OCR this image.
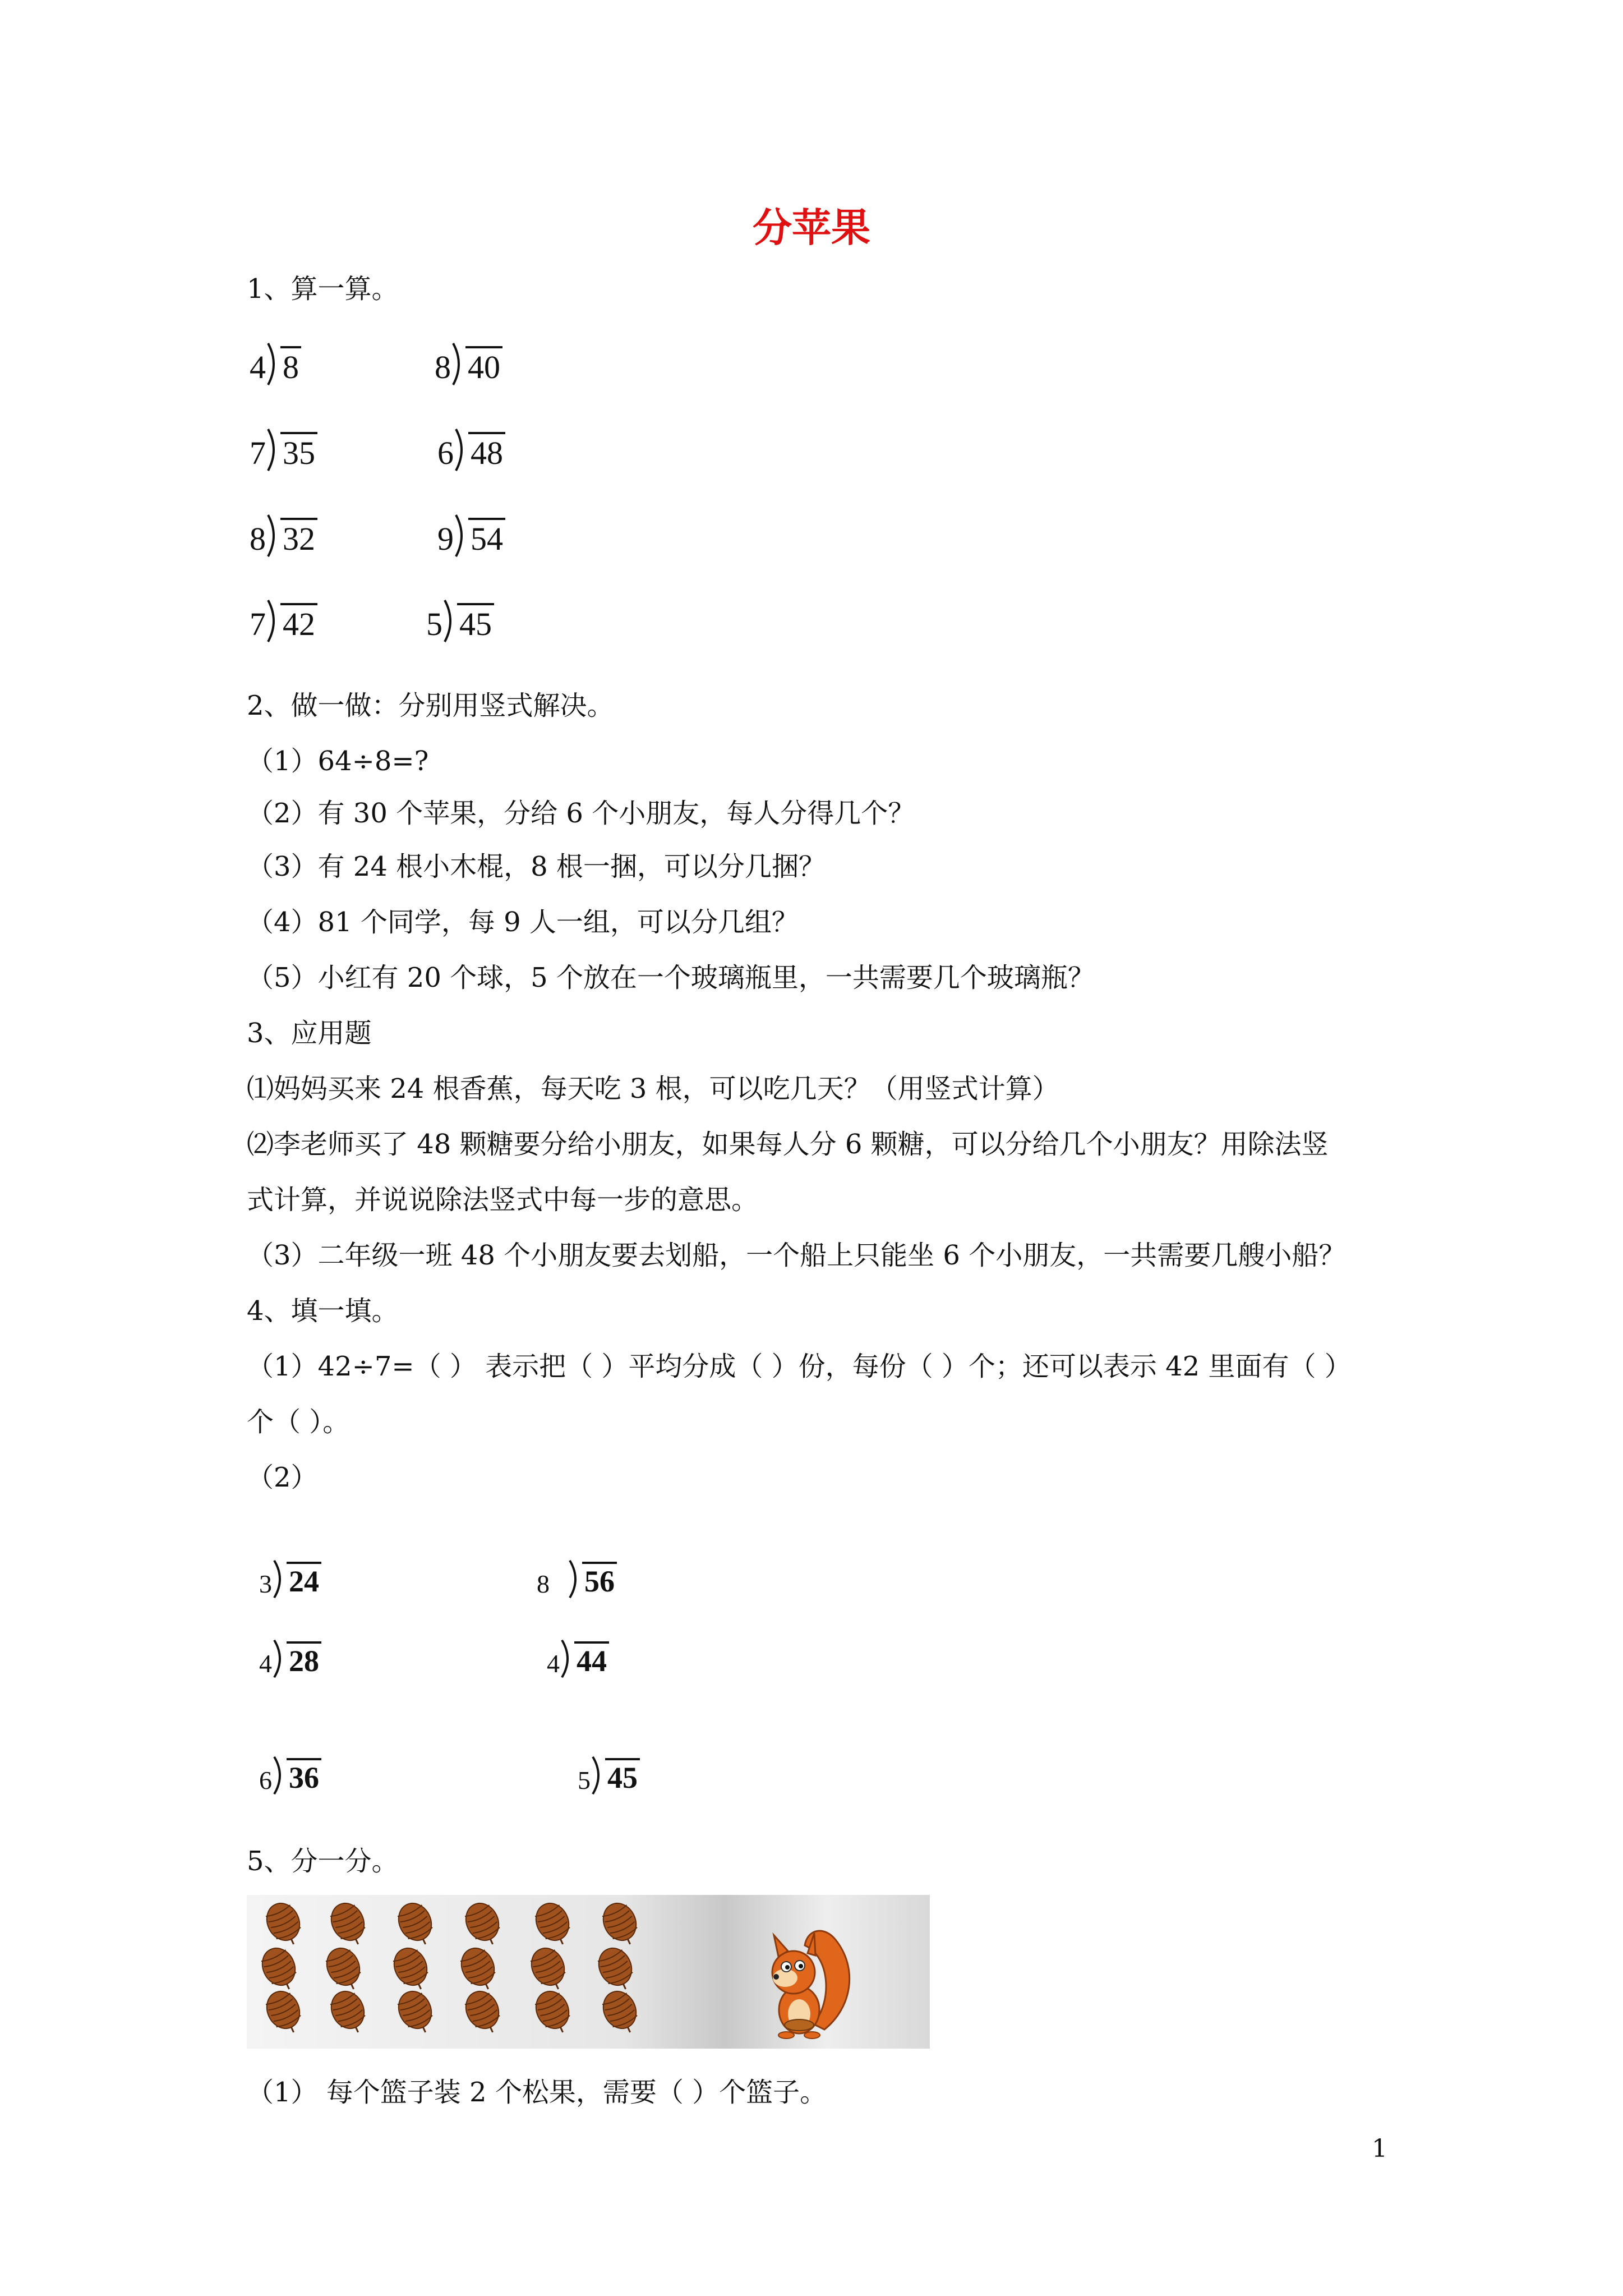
分苹果
1、算一算。
4 8	8 40
7 35	6 48
8 32	9 54
7 42	5 45
2、做一做：分别用竖式解决。
（1）64÷8=?
（2）有 30 个苹果，分给 6 个小朋友，每人分得几个？
（3）有 24 根小木棍，8 根一捆，可以分几捆？
（4）81 个同学，每 9 人一组，可以分几组？
（5）小红有 20 个球，5 个放在一个玻璃瓶里，一共需要几个玻璃瓶？
3、应用题
⑴妈妈买来 24 根香蕉，每天吃 3 根，可以吃几天？（用竖式计算）
⑵李老师买了 48 颗糖要分给小朋友，如果每人分 6 颗糖，可以分给几个小朋友？用除法竖
式计算，并说说除法竖式中每一步的意思。
（3）二年级一班 48 个小朋友要去划船，一个船上只能坐 6 个小朋友，一共需要几艘小船？
4、填一填。
（1）42÷7=（ ） 表示把（ ）平均分成（ ）份，每份（ ）个；还可以表示 42 里面有（ ）
个（ ）。
（2）
3 24	8 56
4 28	4 44
6 36	5 45
5、分一分。
（1） 每个篮子装 2 个松果，需要（ ）个篮子。
1
